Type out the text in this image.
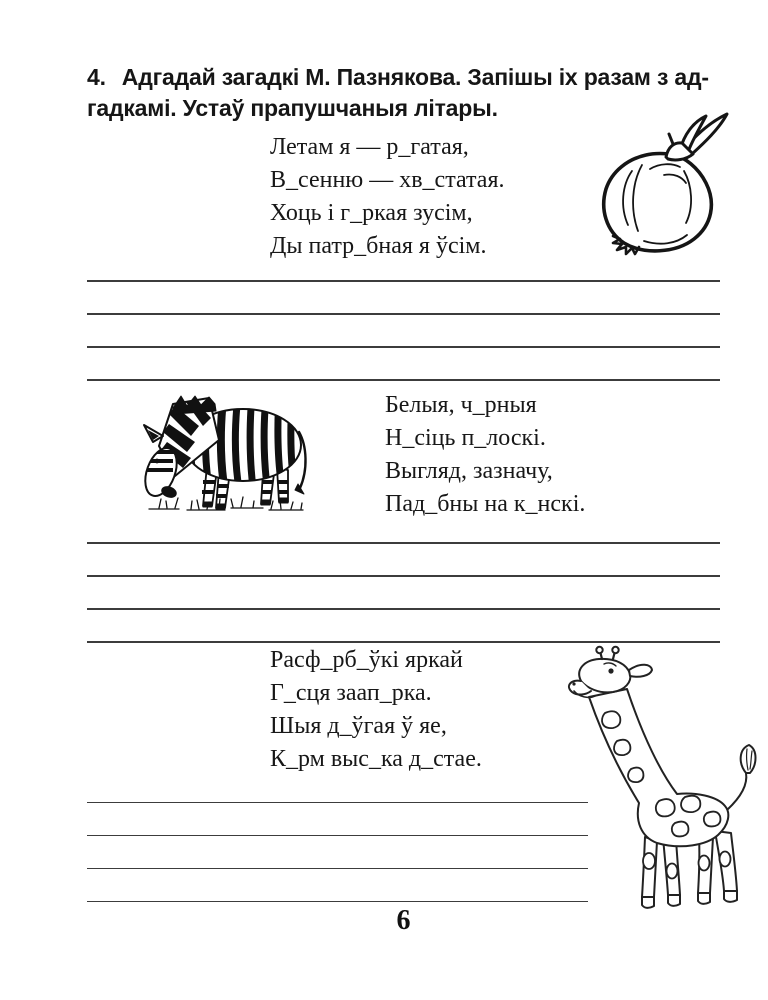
4. Адгадай загадкі М. Пазнякова. Запішы іх разам з ад-
гадкамі. Устаў прапушчаныя літары.
Летам я — р_гатая,
В_сенню — хв_статая.
Хоць і г_ркая зусім,
Ды патр_бная я ўсім.
Белыя, ч_рныя
Н_сіць п_лоскі.
Выгляд, зазначу,
Пад_бны на к_нскі.
Расф_рб_ўкі яркай
Г_сця заап_рка.
Шыя д_ўгая ў яе,
К_рм выс_ка д_стае.
6
